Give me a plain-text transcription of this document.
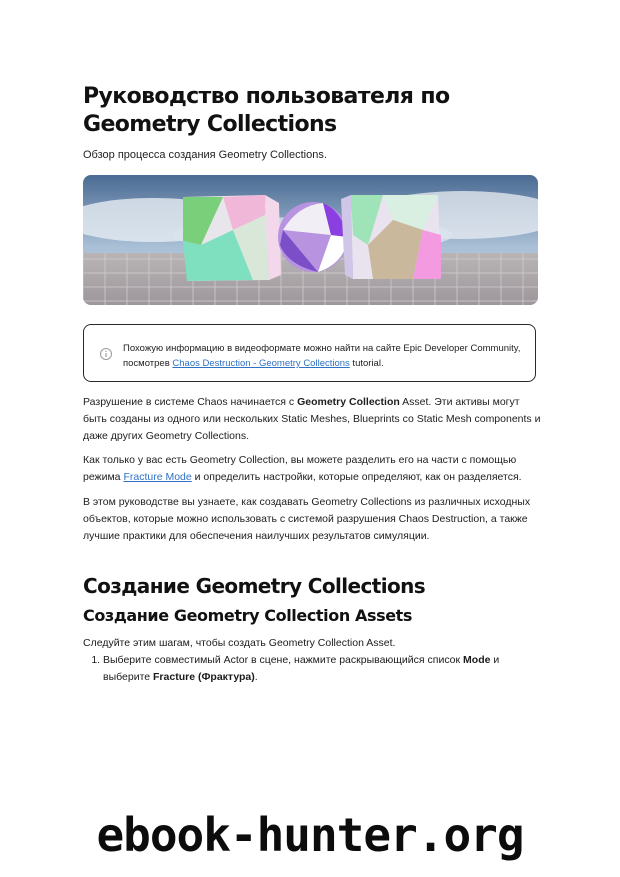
Руководство пользователя по Geometry Collections

Обзор процесса создания Geometry Collections.

Похожую информацию в видеоформате можно найти на сайте Epic Developer Community, посмотрев Chaos Destruction - Geometry Collections tutorial.

Разрушение в системе Chaos начинается с Geometry Collection Asset. Эти активы могут быть созданы из одного или нескольких Static Meshes, Blueprints со Static Mesh components и даже других Geometry Collections.

Как только у вас есть Geometry Collection, вы можете разделить его на части с помощью режима Fracture Mode и определить настройки, которые определяют, как он разделяется.

В этом руководстве вы узнаете, как создавать Geometry Collections из различных исходных объектов, которые можно использовать с системой разрушения Chaos Destruction, а также лучшие практики для обеспечения наилучших результатов симуляции.

Создание Geometry Collections
Создание Geometry Collection Assets

Следуйте этим шагам, чтобы создать Geometry Collection Asset.

1. Выберите совместимый Actor в сцене, нажмите раскрывающийся список Mode и выберите Fracture (Фрактура).
ebook-hunter.org
